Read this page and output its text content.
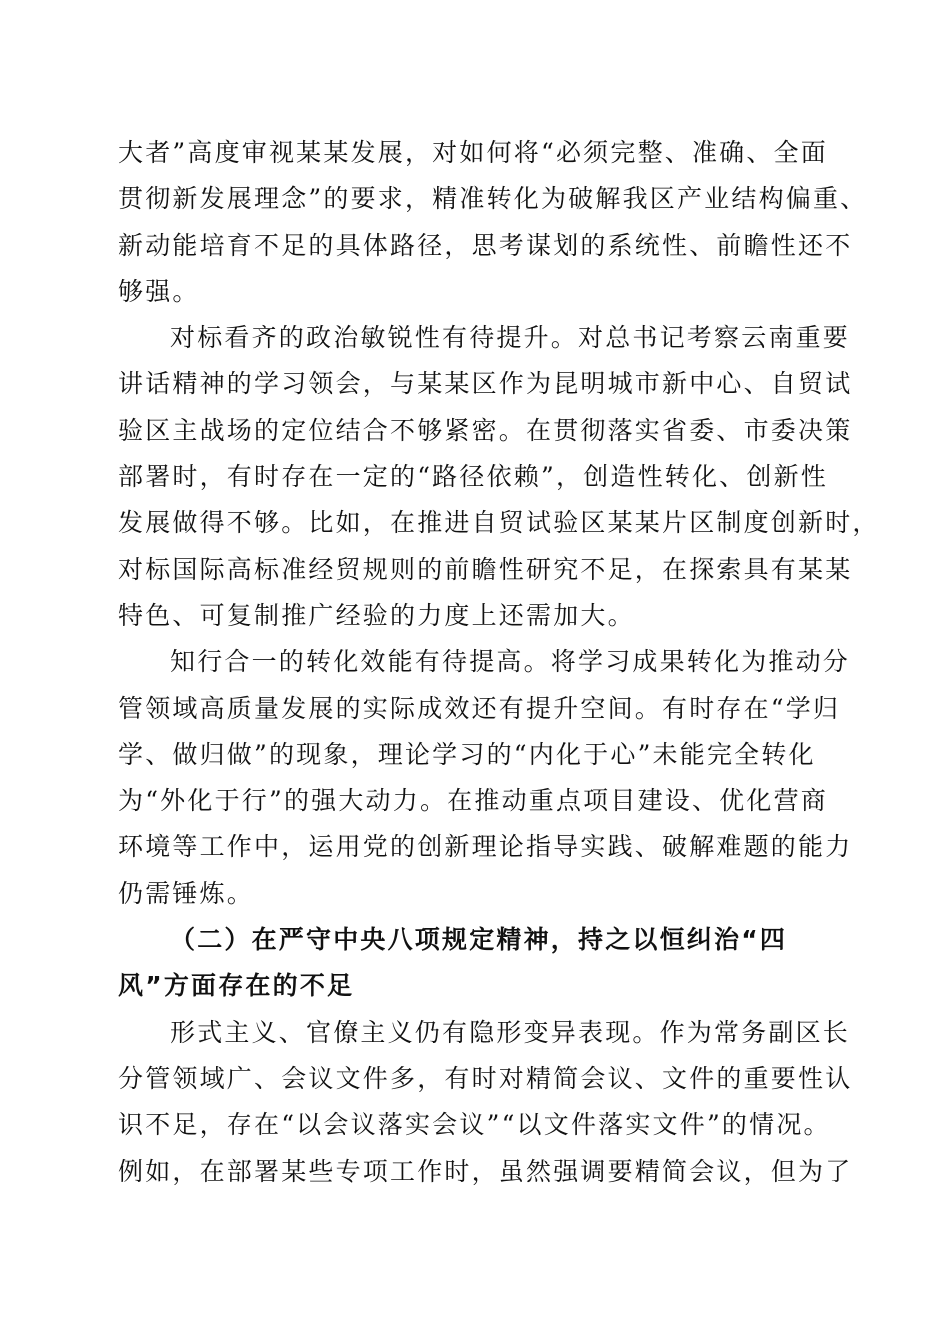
大者”高度审视某某发展，对如何将“必须完整、准确、全面
贯彻新发展理念”的要求，精准转化为破解我区产业结构偏重、
新动能培育不足的具体路径，思考谋划的系统性、前瞻性还不
够强。
对标看齐的政治敏锐性有待提升。对总书记考察云南重要
讲话精神的学习领会，与某某区作为昆明城市新中心、自贸试
验区主战场的定位结合不够紧密。在贯彻落实省委、市委决策
部署时，有时存在一定的“路径依赖”，创造性转化、创新性
发展做得不够。比如，在推进自贸试验区某某片区制度创新时，
对标国际高标准经贸规则的前瞻性研究不足，在探索具有某某
特色、可复制推广经验的力度上还需加大。
知行合一的转化效能有待提高。将学习成果转化为推动分
管领域高质量发展的实际成效还有提升空间。有时存在“学归
学、做归做”的现象，理论学习的“内化于心”未能完全转化
为“外化于行”的强大动力。在推动重点项目建设、优化营商
环境等工作中，运用党的创新理论指导实践、破解难题的能力
仍需锤炼。
（二）在严守中央八项规定精神，持之以恒纠治“四
风”方面存在的不足
形式主义、官僚主义仍有隐形变异表现。作为常务副区长
分管领域广、会议文件多，有时对精简会议、文件的重要性认
识不足，存在“以会议落实会议”“以文件落实文件”的情况。
例如，在部署某些专项工作时，虽然强调要精简会议，但为了
